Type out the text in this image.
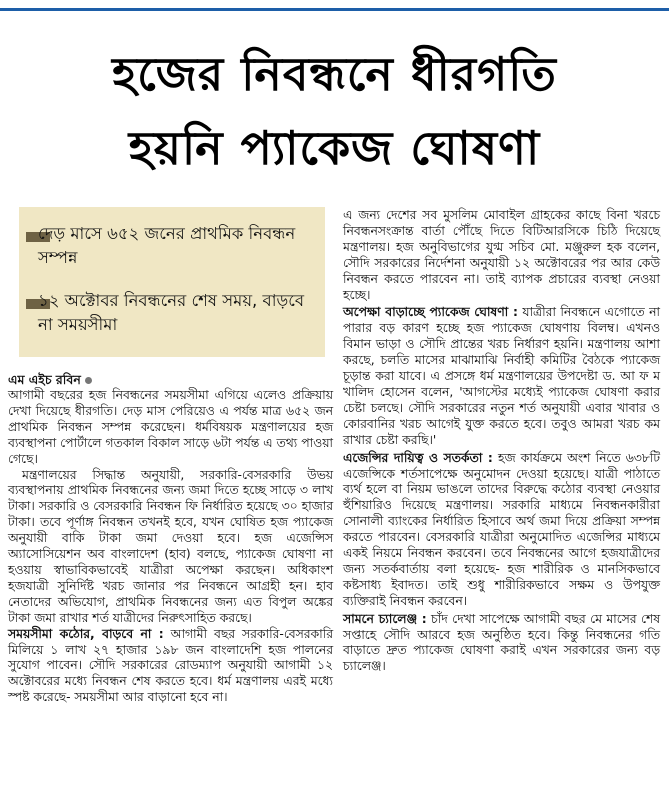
হজের নিবন্ধনে ধীরগতি
হয়নি প্যাকেজ ঘোষণা
দেড় মাসে ৬৫২ জনের প্রাথমিক নিবন্ধন সম্পন্ন
১২ অক্টোবর নিবন্ধনের শেষ সময়, বাড়বে না সময়সীমা
এম এইচ রবিন

আগামী বছরের হজ নিবন্ধনের সময়সীমা এগিয়ে এলেও প্রক্রিয়ায় দেখা দিয়েছে ধীরগতি। দেড় মাস পেরিয়েও এ পর্যন্ত মাত্র ৬৫২ জন প্রাথমিক নিবন্ধন সম্পন্ন করেছেন। ধর্মবিষয়ক মন্ত্রণালয়ের হজ ব্যবস্থাপনা পোর্টালে গতকাল বিকাল সাড়ে ৬টা পর্যন্ত এ তথ্য পাওয়া গেছে।

মন্ত্রণালয়ের সিদ্ধান্ত অনুযায়ী, সরকারি-বেসরকারি উভয় ব্যবস্থাপনায় প্রাথমিক নিবন্ধনের জন্য জমা দিতে হচ্ছে সাড়ে ৩ লাখ টাকা। সরকারি ও বেসরকারি নিবন্ধন ফি নির্ধারিত হয়েছে ৩০ হাজার টাকা। তবে পূর্ণাঙ্গ নিবন্ধন তখনই হবে, যখন ঘোষিত হজ প্যাকেজ অনুযায়ী বাকি টাকা জমা দেওয়া হবে। হজ এজেন্সিস অ্যাসোসিয়েশন অব বাংলাদেশ (হাব) বলছে, প্যাকেজ ঘোষণা না হওয়ায় স্বাভাবিকভাবেই যাত্রীরা অপেক্ষা করছেন। অধিকাংশ হজযাত্রী সুনির্দিষ্ট খরচ জানার পর নিবন্ধনে আগ্রহী হন। হাব নেতাদের অভিযোগ, প্রাথমিক নিবন্ধনের জন্য এত বিপুল অঙ্কের টাকা জমা রাখার শর্ত যাত্রীদের নিরুৎসাহিত করছে।

সময়সীমা কঠোর, বাড়বে না : আগামী বছর সরকারি-বেসরকারি মিলিয়ে ১ লাখ ২৭ হাজার ১৯৮ জন বাংলাদেশি হজ পালনের সুযোগ পাবেন। সৌদি সরকারের রোডম্যাপ অনুযায়ী আগামী ১২ অক্টোবরের মধ্যে নিবন্ধন শেষ করতে হবে। ধর্ম মন্ত্রণালয় এরই মধ্যে স্পষ্ট করেছে- সময়সীমা আর বাড়ানো হবে না।

এ জন্য দেশের সব মুসলিম মোবাইল গ্রাহকের কাছে বিনা খরচে নিবন্ধনসংক্রান্ত বার্তা পৌঁছে দিতে বিটিআরসিকে চিঠি দিয়েছে মন্ত্রণালয়। হজ অনুবিভাগের যুগ্ম সচিব মো. মঞ্জুরুল হক বলেন, সৌদি সরকারের নির্দেশনা অনুযায়ী ১২ অক্টোবরের পর আর কেউ নিবন্ধন করতে পারবেন না। তাই ব্যাপক প্রচারের ব্যবস্থা নেওয়া হচ্ছে।

অপেক্ষা বাড়াচ্ছে প্যাকেজ ঘোষণা : যাত্রীরা নিবন্ধনে এগোতে না পারার বড় কারণ হচ্ছে হজ প্যাকেজ ঘোষণায় বিলম্ব। এখনও বিমান ভাড়া ও সৌদি প্রান্তের খরচ নির্ধারণ হয়নি। মন্ত্রণালয় আশা করছে, চলতি মাসের মাঝামাঝি নির্বাহী কমিটির বৈঠকে প্যাকেজ চূড়ান্ত করা যাবে। এ প্রসঙ্গে ধর্ম মন্ত্রণালয়ের উপদেষ্টা ড. আ ফ ম খালিদ হোসেন বলেন, 'আগস্টের মধ্যেই প্যাকেজ ঘোষণা করার চেষ্টা চলছে। সৌদি সরকারের নতুন শর্ত অনুযায়ী এবার খাবার ও কোরবানির খরচ আগেই যুক্ত করতে হবে। তবুও আমরা খরচ কম রাখার চেষ্টা করছি।'

এজেন্সির দায়িত্ব ও সতর্কতা : হজ কার্যক্রমে অংশ নিতে ৬৩৮টি এজেন্সিকে শর্তসাপেক্ষে অনুমোদন দেওয়া হয়েছে। যাত্রী পাঠাতে ব্যর্থ হলে বা নিয়ম ভাঙলে তাদের বিরুদ্ধে কঠোর ব্যবস্থা নেওয়ার হুঁশিয়ারিও দিয়েছে মন্ত্রণালয়। সরকারি মাধ্যমে নিবন্ধনকারীরা সোনালী ব্যাংকের নির্ধারিত হিসাবে অর্থ জমা দিয়ে প্রক্রিয়া সম্পন্ন করতে পারবেন। বেসরকারি যাত্রীরা অনুমোদিত এজেন্সির মাধ্যমে একই নিয়মে নিবন্ধন করবেন। তবে নিবন্ধনের আগে হজযাত্রীদের জন্য সতর্কবার্তায় বলা হয়েছে- হজ শারীরিক ও মানসিকভাবে কষ্টসাধ্য ইবাদত। তাই শুধু শারীরিকভাবে সক্ষম ও উপযুক্ত ব্যক্তিরাই নিবন্ধন করবেন।

সামনে চ্যালেঞ্জ : চাঁদ দেখা সাপেক্ষে আগামী বছর মে মাসের শেষ সপ্তাহে সৌদি আরবে হজ অনুষ্ঠিত হবে। কিন্তু নিবন্ধনের গতি বাড়াতে দ্রুত প্যাকেজ ঘোষণা করাই এখন সরকারের জন্য বড় চ্যালেঞ্জ।
